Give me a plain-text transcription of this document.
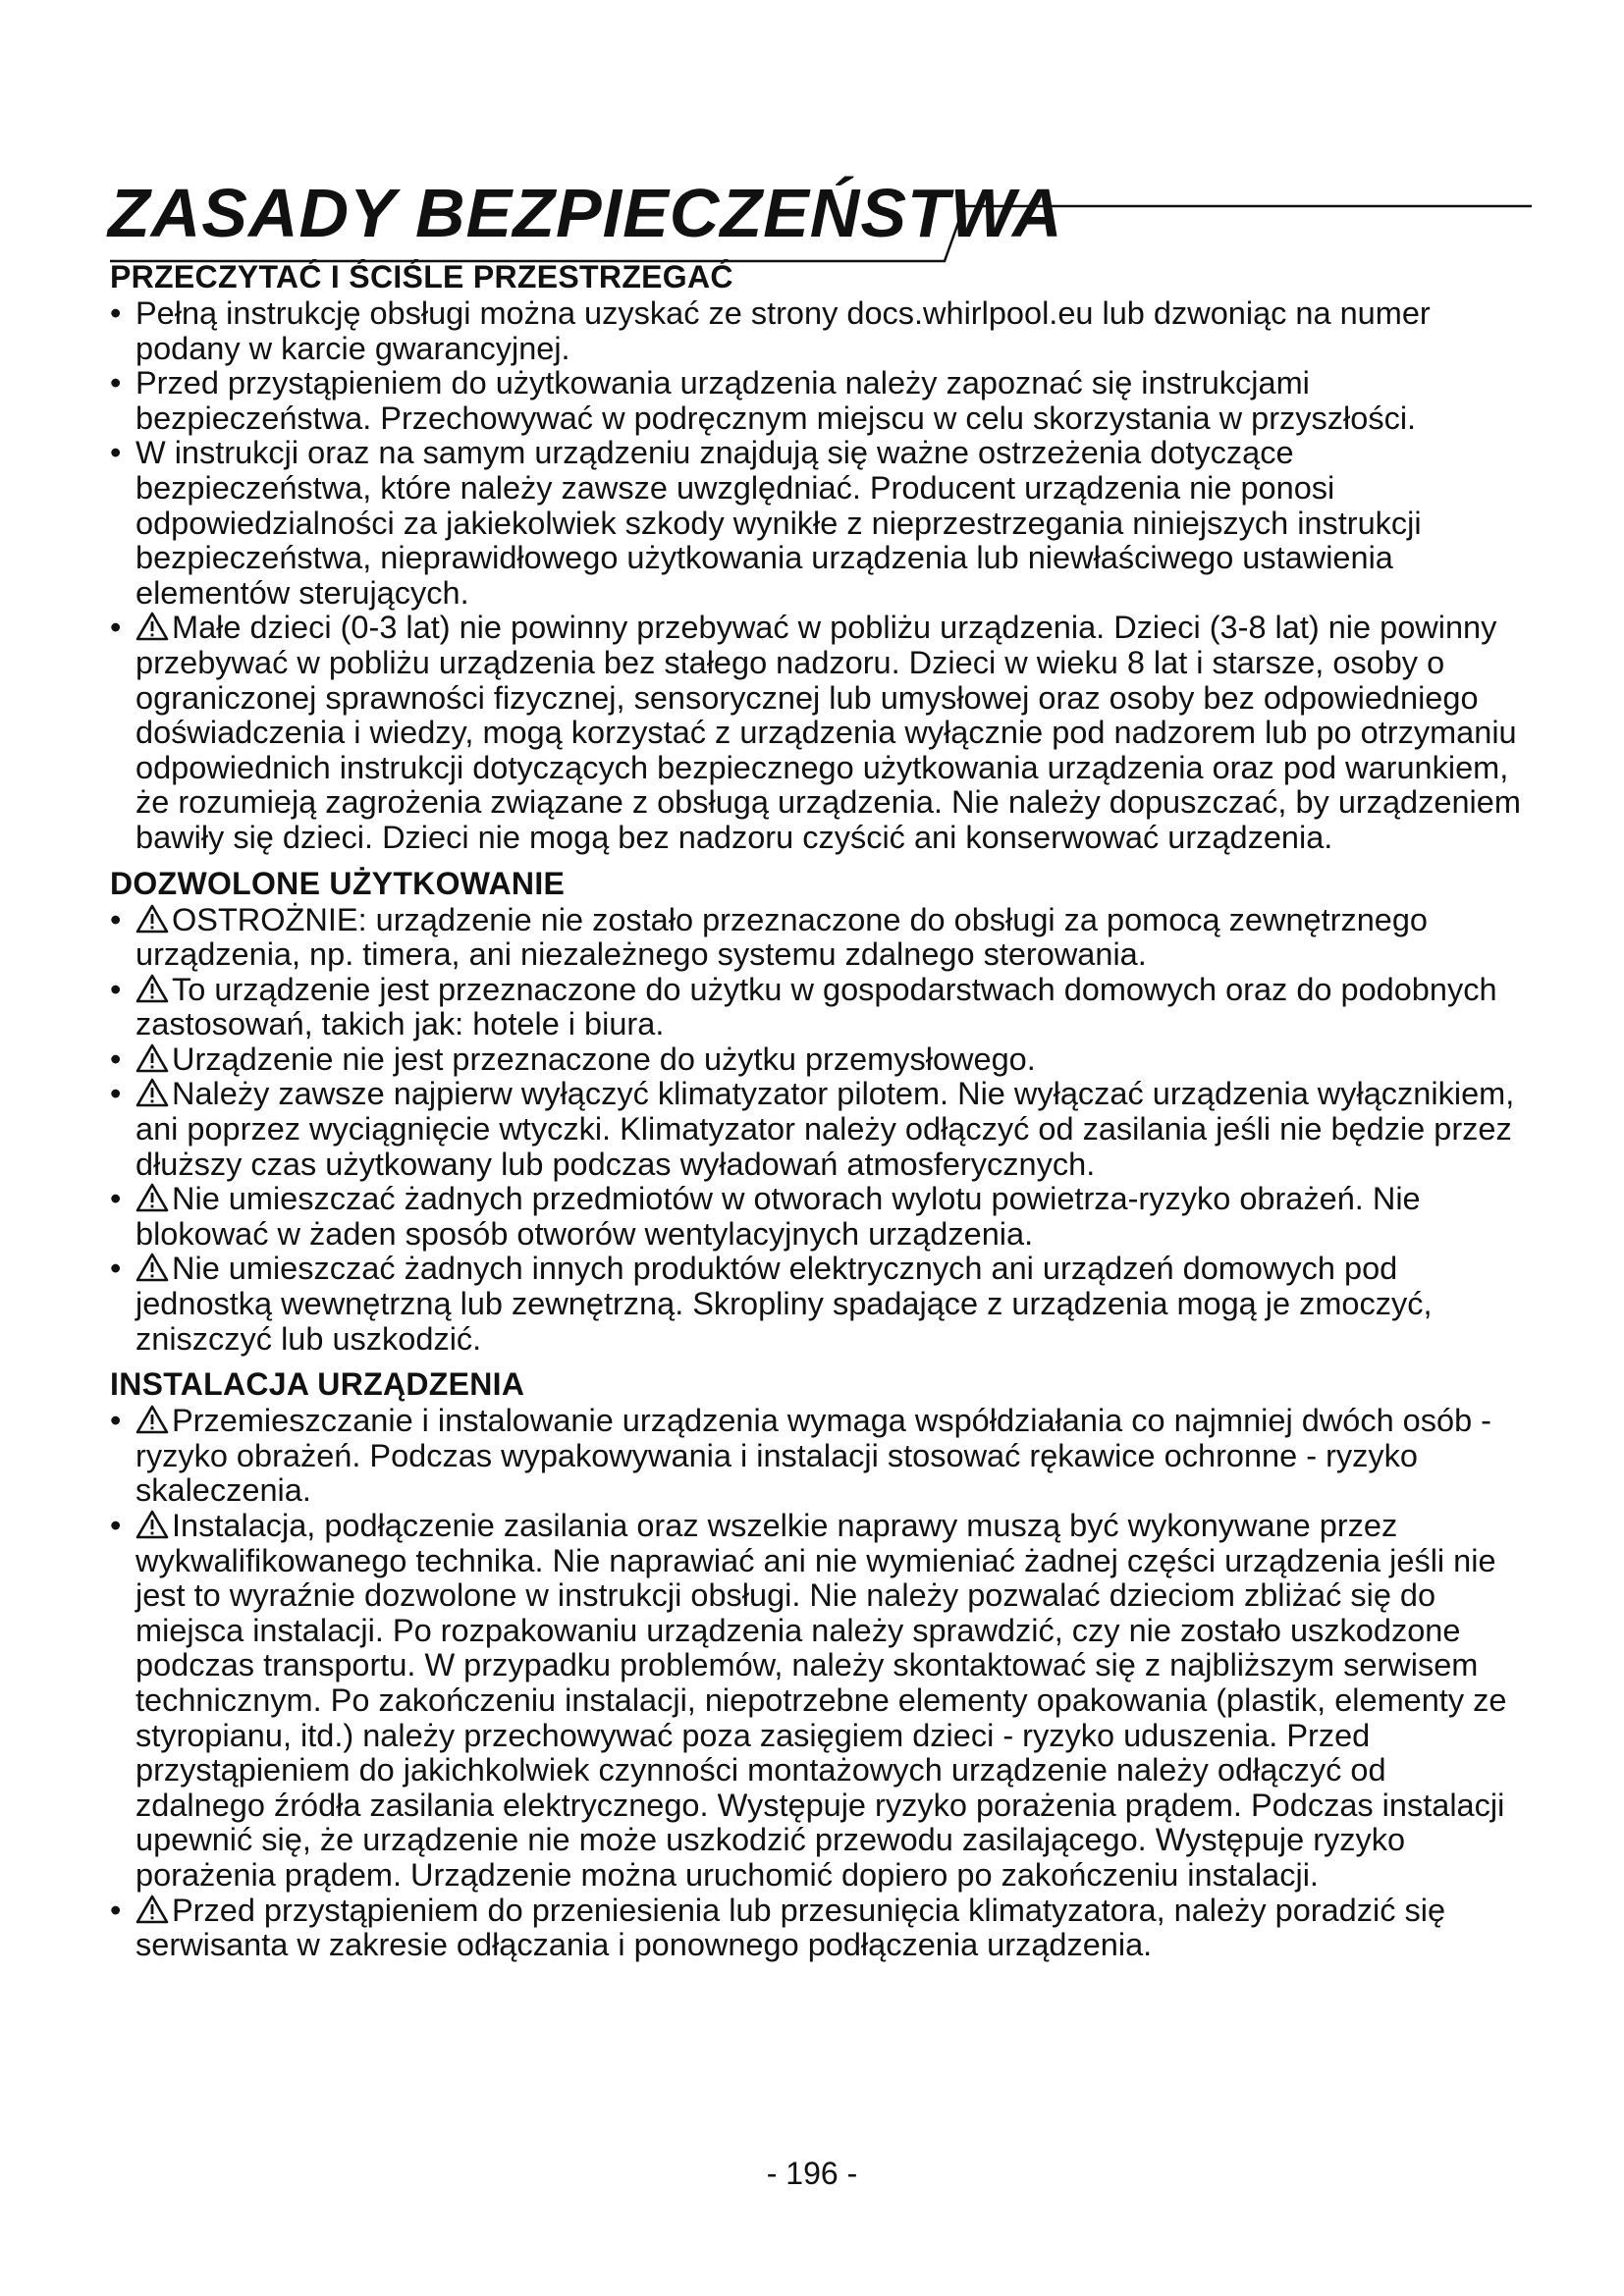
ZASADY BEZPIECZEŃSTWA
PRZECZYTAĆ I ŚCIŚLE PRZESTRZEGAĆ
• Pełną instrukcję obsługi można uzyskać ze strony docs.whirlpool.eu lub dzwoniąc na numer podany w karcie gwarancyjnej.
• Przed przystąpieniem do użytkowania urządzenia należy zapoznać się instrukcjami bezpieczeństwa. Przechowywać w podręcznym miejscu w celu skorzystania w przyszłości.
• W instrukcji oraz na samym urządzeniu znajdują się ważne ostrzeżenia dotyczące bezpieczeństwa, które należy zawsze uwzględniać. Producent urządzenia nie ponosi odpowiedzialności za jakiekolwiek szkody wynikłe z nieprzestrzegania niniejszych instrukcji bezpieczeństwa, nieprawidłowego użytkowania urządzenia lub niewłaściwego ustawienia elementów sterujących.
• Małe dzieci (0-3 lat) nie powinny przebywać w pobliżu urządzenia. Dzieci (3-8 lat) nie powinny przebywać w pobliżu urządzenia bez stałego nadzoru. Dzieci w wieku 8 lat i starsze, osoby o ograniczonej sprawności fizycznej, sensorycznej lub umysłowej oraz osoby bez odpowiedniego doświadczenia i wiedzy, mogą korzystać z urządzenia wyłącznie pod nadzorem lub po otrzymaniu odpowiednich instrukcji dotyczących bezpiecznego użytkowania urządzenia oraz pod warunkiem, że rozumieją zagrożenia związane z obsługą urządzenia. Nie należy dopuszczać, by urządzeniem bawiły się dzieci. Dzieci nie mogą bez nadzoru czyścić ani konserwować urządzenia.
DOZWOLONE UŻYTKOWANIE
• OSTROŻNIE: urządzenie nie zostało przeznaczone do obsługi za pomocą zewnętrznego urządzenia, np. timera, ani niezależnego systemu zdalnego sterowania.
• To urządzenie jest przeznaczone do użytku w gospodarstwach domowych oraz do podobnych zastosowań, takich jak: hotele i biura.
• Urządzenie nie jest przeznaczone do użytku przemysłowego.
• Należy zawsze najpierw wyłączyć klimatyzator pilotem. Nie wyłączać urządzenia wyłącznikiem, ani poprzez wyciągnięcie wtyczki. Klimatyzator należy odłączyć od zasilania jeśli nie będzie przez dłuższy czas użytkowany lub podczas wyładowań atmosferycznych.
• Nie umieszczać żadnych przedmiotów w otworach wylotu powietrza-ryzyko obrażeń. Nie blokować w żaden sposób otworów wentylacyjnych urządzenia.
• Nie umieszczać żadnych innych produktów elektrycznych ani urządzeń domowych pod jednostką wewnętrzną lub zewnętrzną. Skropliny spadające z urządzenia mogą je zmoczyć, zniszczyć lub uszkodzić.
INSTALACJA URZĄDZENIA
• Przemieszczanie i instalowanie urządzenia wymaga współdziałania co najmniej dwóch osób - ryzyko obrażeń. Podczas wypakowywania i instalacji stosować rękawice ochronne - ryzyko skaleczenia.
• Instalacja, podłączenie zasilania oraz wszelkie naprawy muszą być wykonywane przez wykwalifikowanego technika. Nie naprawiać ani nie wymieniać żadnej części urządzenia jeśli nie jest to wyraźnie dozwolone w instrukcji obsługi. Nie należy pozwalać dzieciom zbliżać się do miejsca instalacji. Po rozpakowaniu urządzenia należy sprawdzić, czy nie zostało uszkodzone podczas transportu. W przypadku problemów, należy skontaktować się z najbliższym serwisem technicznym. Po zakończeniu instalacji, niepotrzebne elementy opakowania (plastik, elementy ze styropianu, itd.) należy przechowywać poza zasięgiem dzieci - ryzyko uduszenia. Przed przystąpieniem do jakichkolwiek czynności montażowych urządzenie należy odłączyć od zdalnego źródła zasilania elektrycznego. Występuje ryzyko porażenia prądem. Podczas instalacji upewnić się, że urządzenie nie może uszkodzić przewodu zasilającego. Występuje ryzyko porażenia prądem. Urządzenie można uruchomić dopiero po zakończeniu instalacji.
• Przed przystąpieniem do przeniesienia lub przesunięcia klimatyzatora, należy poradzić się serwisanta w zakresie odłączania i ponownego podłączenia urządzenia.
- 196 -
